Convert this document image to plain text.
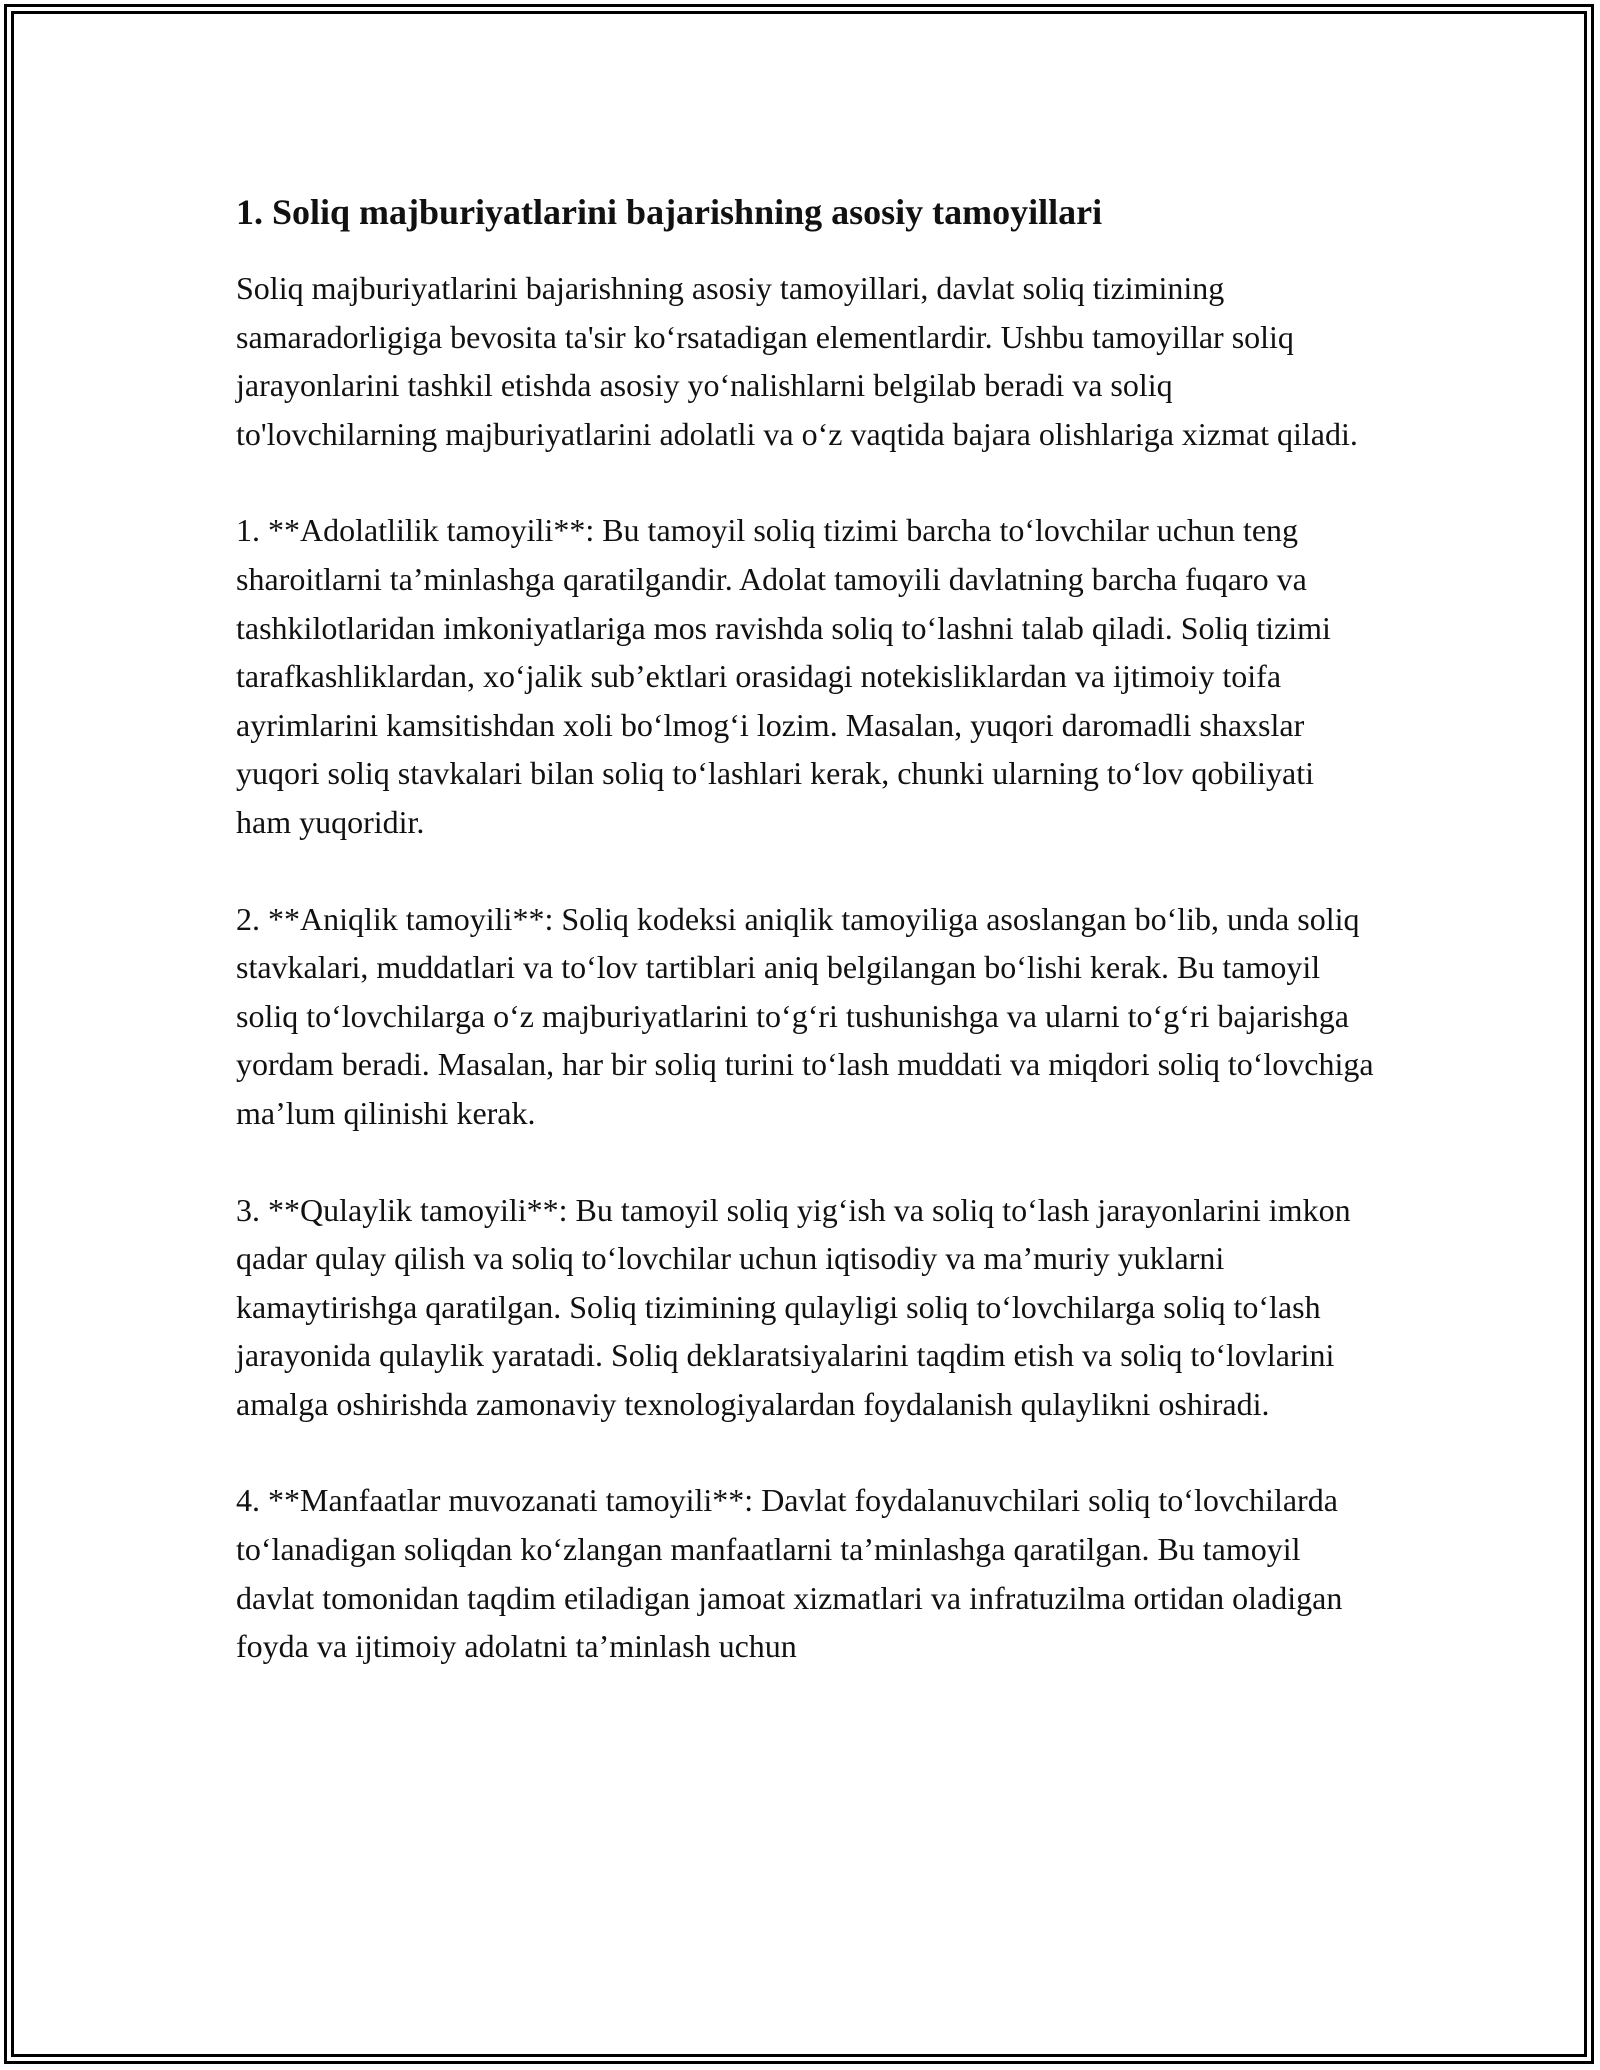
1. Soliq majburiyatlarini bajarishning asosiy tamoyillari

Soliq majburiyatlarini bajarishning asosiy tamoyillari, davlat soliq tizimining samaradorligiga bevosita ta'sir koʻrsatadigan elementlardir. Ushbu tamoyillar soliq jarayonlarini tashkil etishda asosiy yoʻnalishlarni belgilab beradi va soliq to'lovchilarning majburiyatlarini adolatli va oʻz vaqtida bajara olishlariga xizmat qiladi.

1. **Adolatlilik tamoyili**: Bu tamoyil soliq tizimi barcha toʻlovchilar uchun teng sharoitlarni ta’minlashga qaratilgandir. Adolat tamoyili davlatning barcha fuqaro va tashkilotlaridan imkoniyatlariga mos ravishda soliq toʻlashni talab qiladi. Soliq tizimi tarafkashliklardan, xoʻjalik sub’ektlari orasidagi notekisliklardan va ijtimoiy toifa ayrimlarini kamsitishdan xoli boʻlmogʻi lozim. Masalan, yuqori daromadli shaxslar yuqori soliq stavkalari bilan soliq toʻlashlari kerak, chunki ularning toʻlov qobiliyati ham yuqoridir.

2. **Aniqlik tamoyili**: Soliq kodeksi aniqlik tamoyiliga asoslangan boʻlib, unda soliq stavkalari, muddatlari va toʻlov tartiblari aniq belgilangan boʻlishi kerak. Bu tamoyil soliq toʻlovchilarga oʻz majburiyatlarini toʻgʻri tushunishga va ularni toʻgʻri bajarishga yordam beradi. Masalan, har bir soliq turini toʻlash muddati va miqdori soliq toʻlovchiga ma’lum qilinishi kerak.

3. **Qulaylik tamoyili**: Bu tamoyil soliq yigʻish va soliq toʻlash jarayonlarini imkon qadar qulay qilish va soliq toʻlovchilar uchun iqtisodiy va ma’muriy yuklarni kamaytirishga qaratilgan. Soliq tizimining qulayligi soliq toʻlovchilarga soliq toʻlash jarayonida qulaylik yaratadi. Soliq deklaratsiyalarini taqdim etish va soliq toʻlovlarini amalga oshirishda zamonaviy texnologiyalardan foydalanish qulaylikni oshiradi.

4. **Manfaatlar muvozanati tamoyili**: Davlat foydalanuvchilari soliq toʻlovchilarda toʻlanadigan soliqdan koʻzlangan manfaatlarni ta’minlashga qaratilgan. Bu tamoyil davlat tomonidan taqdim etiladigan jamoat xizmatlari va infratuzilma ortidan oladigan foyda va ijtimoiy adolatni ta’minlash uchun
